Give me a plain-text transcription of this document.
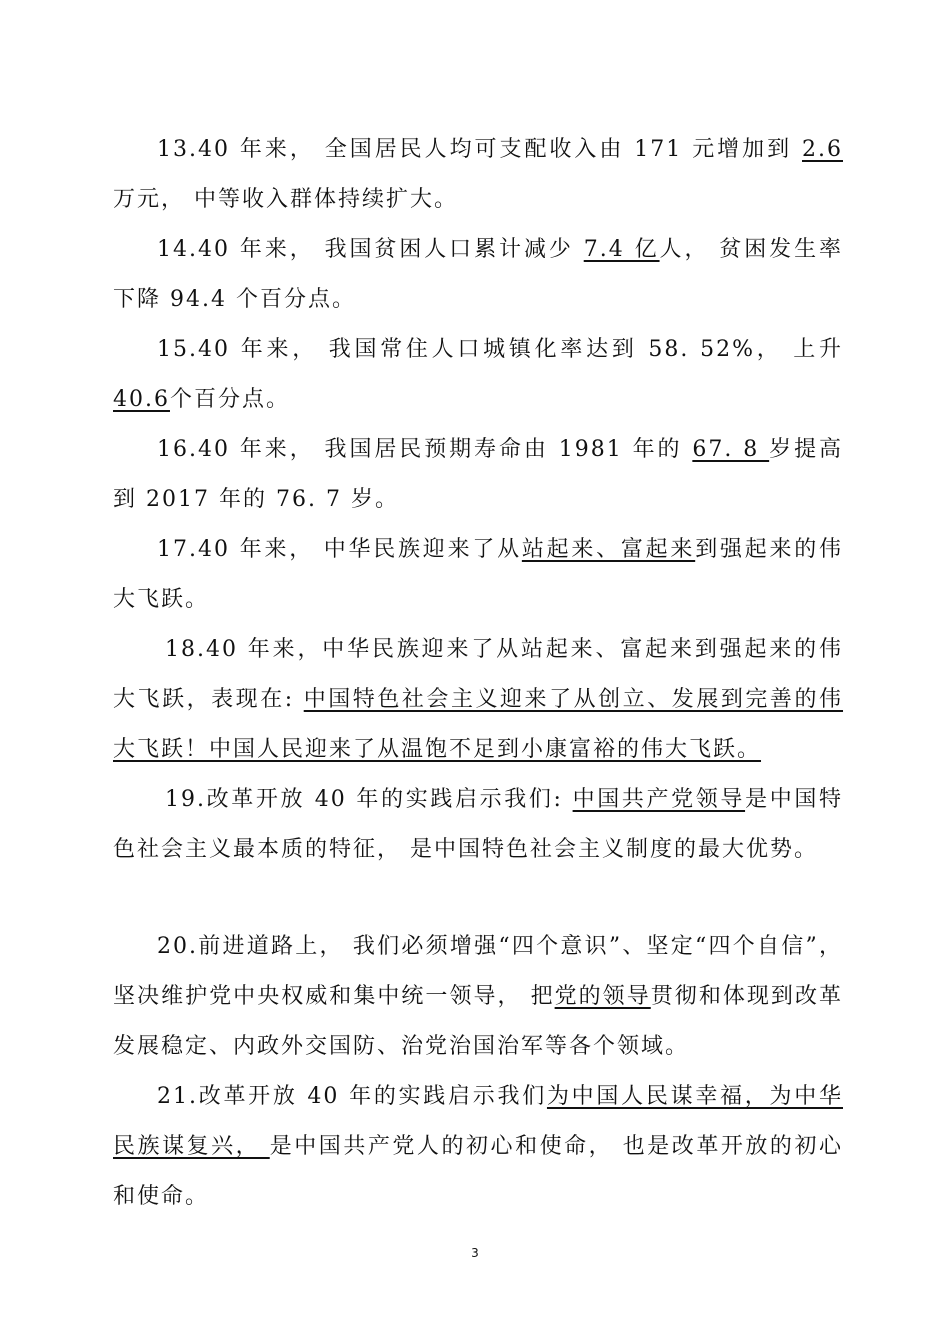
13.40 年来， 全国居民人均可支配收入由 171 元增加到 2.6 万元， 中等收入群体持续扩大。

14.40 年来， 我国贫困人口累计减少 7.4 亿人， 贫困发生率下降 94.4 个百分点。

15.40 年来， 我国常住人口城镇化率达到 58. 52%， 上升 40.6个百分点。

16.40 年来， 我国居民预期寿命由 1981 年的 67. 8 岁提高到 2017 年的 76. 7 岁。

17.40 年来， 中华民族迎来了从站起来、富起来到强起来的伟大飞跃。

18.40 年来，中华民族迎来了从站起来、富起来到强起来的伟大飞跃，表现在: 中国特色社会主义迎来了从创立、发展到完善的伟大飞跃！中国人民迎来了从温饱不足到小康富裕的伟大飞跃。

19.改革开放 40 年的实践启示我们: 中国共产党领导是中国特色社会主义最本质的特征， 是中国特色社会主义制度的最大优势。

20.前进道路上， 我们必须增强“四个意识”、坚定“四个自信”， 坚决维护党中央权威和集中统一领导， 把党的领导贯彻和体现到改革发展稳定、内政外交国防、治党治国治军等各个领域。

21.改革开放 40 年的实践启示我们为中国人民谋幸福，为中华民族谋复兴， 是中国共产党人的初心和使命， 也是改革开放的初心和使命。

3
